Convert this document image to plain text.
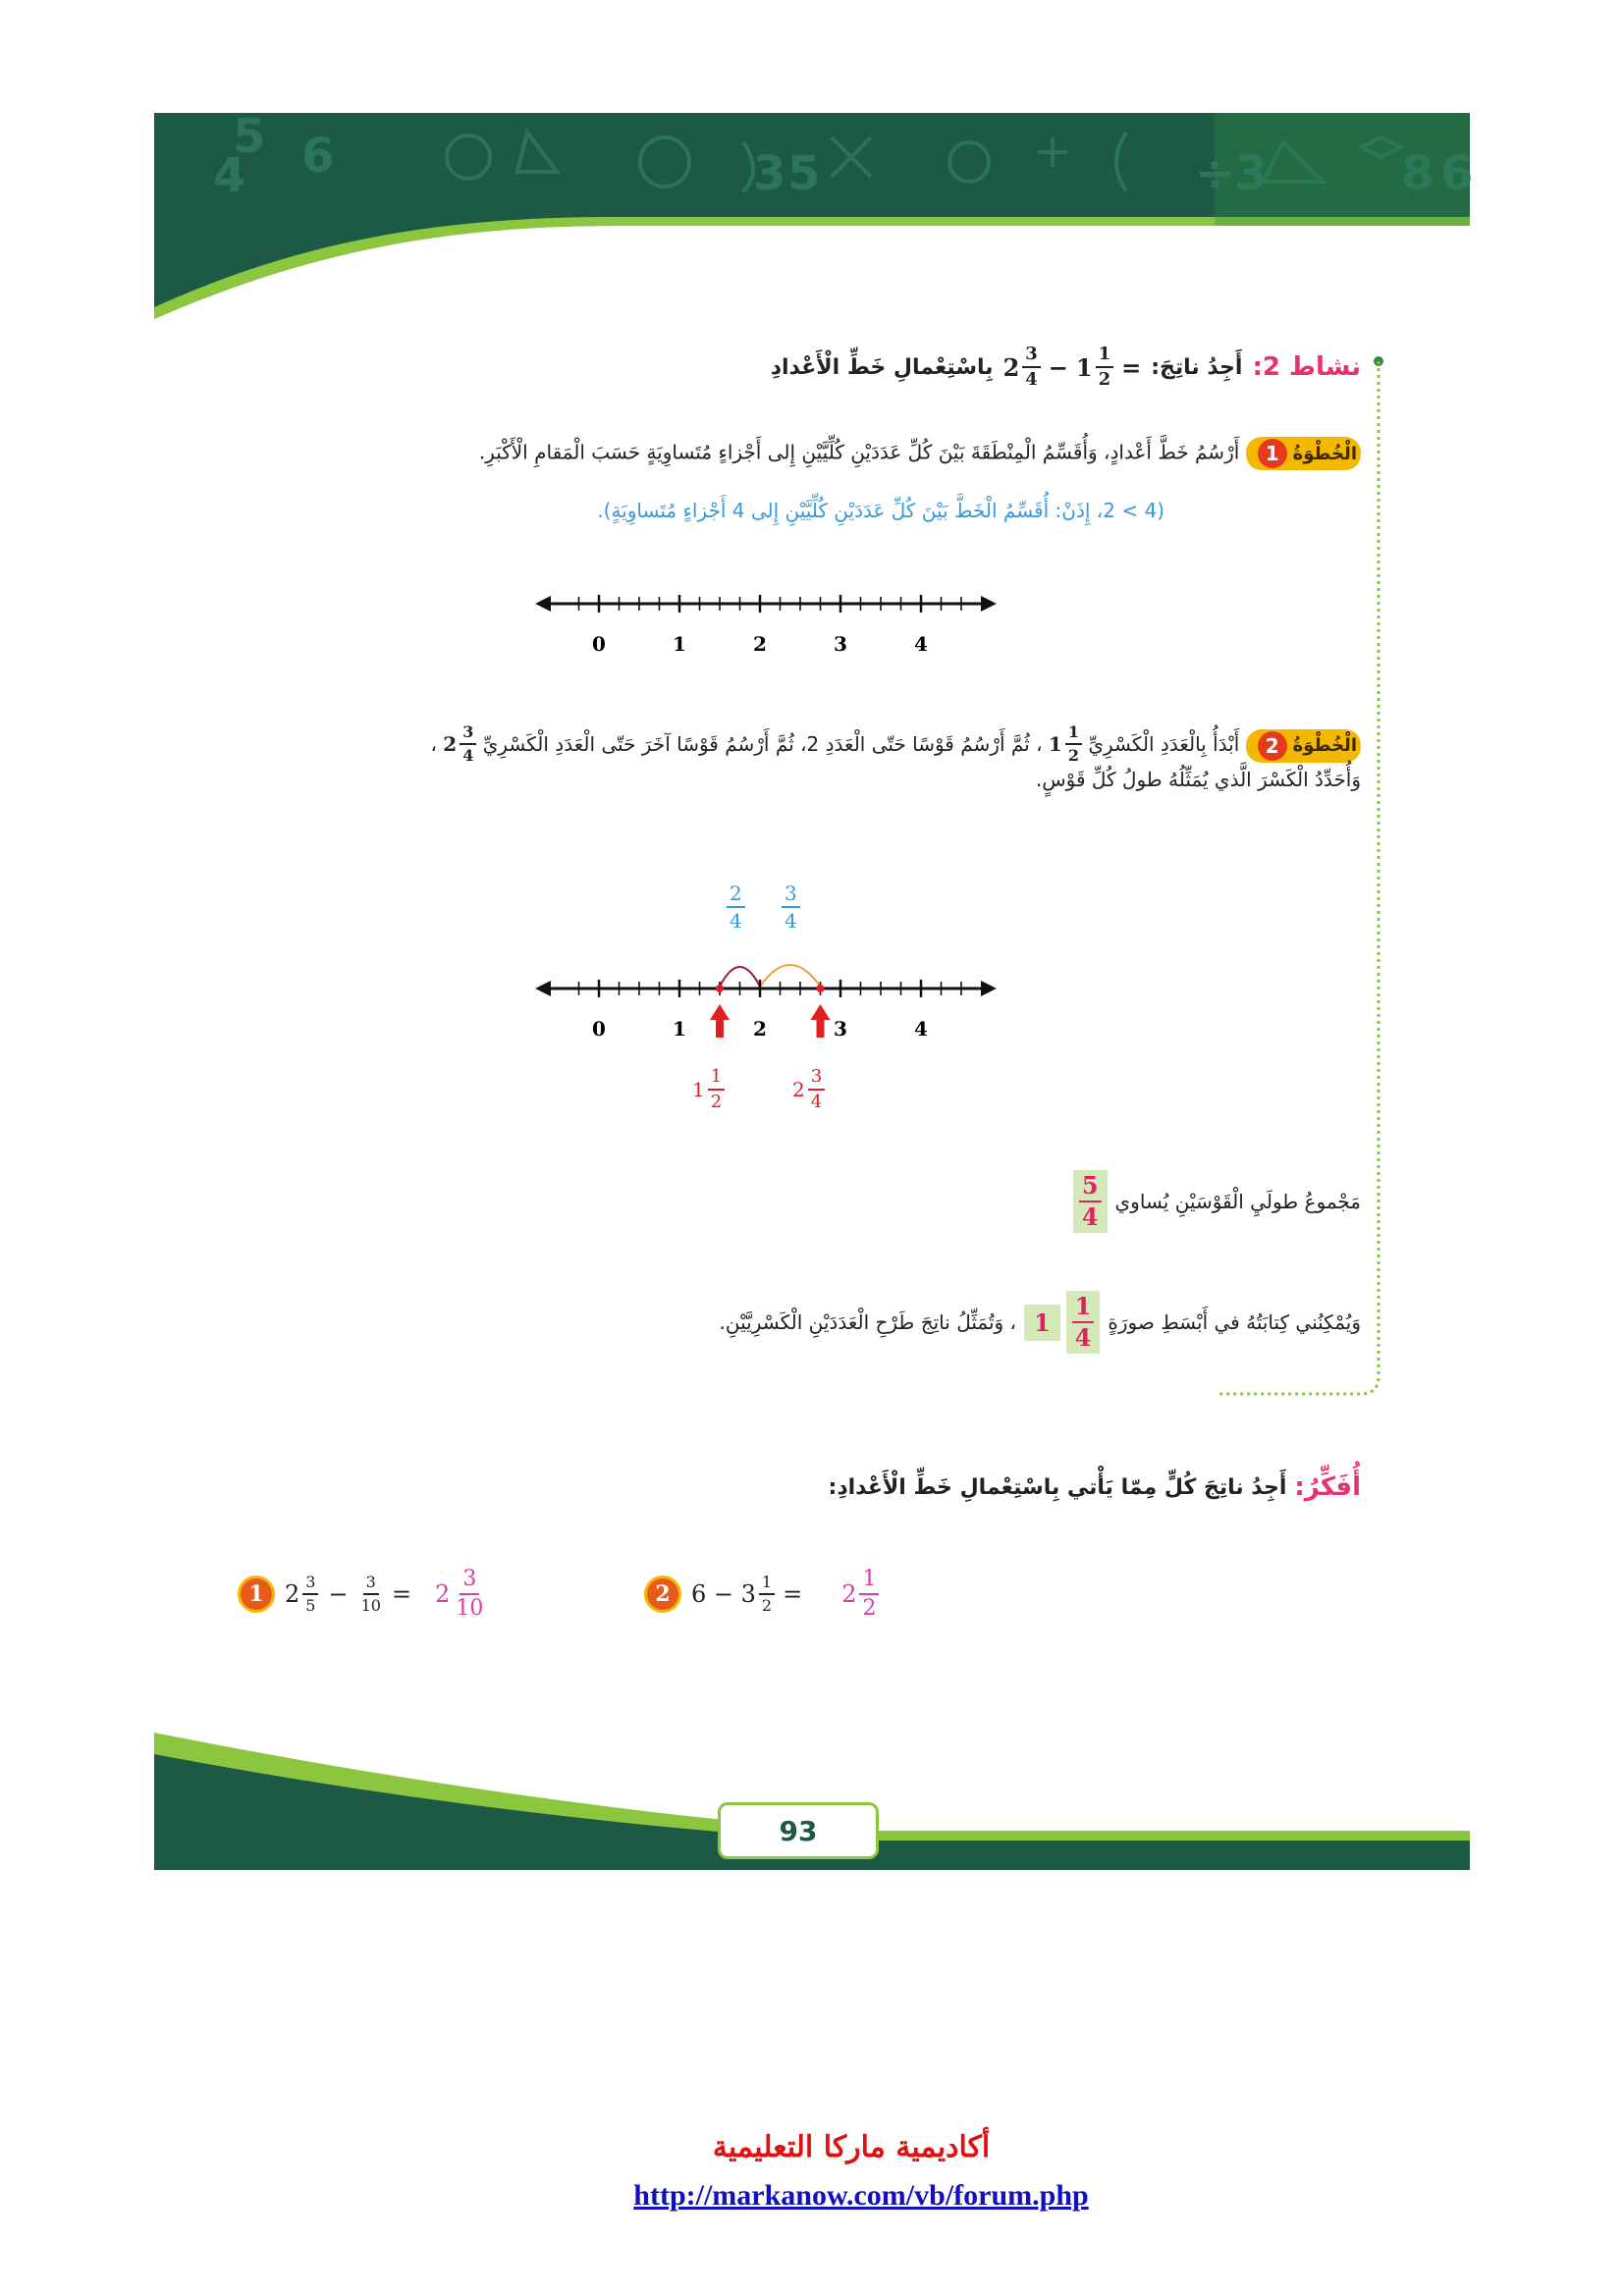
4
5 6	3 5	÷3	8 6
نشاط 2:
أَجِدُ ناتِجَ:
$2 \frac{3}{4} - 1 \frac{1}{2}$ =
بِاسْتِعْمالِ خَطِّ الْأَعْدادِ
الْخُطْوَةُ
1
أَرْسُمُ خَطَّ أَعْدادٍ، وَأُقَسِّمُ الْمِنْطَقَةَ بَيْنَ كُلِّ عَدَدَيْنِ كُلِّيَّيْنِ إِلى أَجْزاءٍ مُتَساوِيَةٍ حَسَبَ الْمَقامِ الْأَكْبَرِ.
(4 > 2، إِذَنْ: أُقَسِّمُ الْخَطَّ بَيْنَ كُلِّ عَدَدَيْنِ كُلِّيَّيْنِ إِلى 4 أَجْزاءٍ مُتَساوِيَةٍ).
0	1	2	3	4
الْخُطْوَةُ
2
أَبْدَأُ بِالْعَدَدِ الْكَسْرِيِّ
$1 \frac{1}{2}$
، ثُمَّ أَرْسُمُ قَوْسًا حَتّى الْعَدَدِ 2، ثُمَّ أَرْسُمُ قَوْسًا آخَرَ حَتّى الْعَدَدِ الْكَسْرِيِّ
$2 \frac{3}{4}$
،
وَأُحَدِّدُ الْكَسْرَ الَّذي يُمَثِّلُهُ طولُ كُلِّ قَوْسٍ.
$\frac{2}{4} \frac{3}{4}$
0	1	2	3	4
$1 \frac{1}{2}$	$2 \frac{3}{4}$
مَجْموعُ طولَيِ الْقَوْسَيْنِ يُساوي
$\frac{5}{4}$
وَيُمْكِنُني كِتابَتُهُ في أَبْسَطِ صورَةٍ
$1 \frac{1}{4}$
، وَتُمَثِّلُ ناتِجَ طَرْحِ الْعَدَدَيْنِ الْكَسْرِيَّيْنِ.
أُفَكِّرُ:
أَجِدُ ناتِجَ كُلٍّ مِمّا يَأْتي بِاسْتِعْمالِ خَطِّ الْأَعْدادِ:
1 $2 \frac{3}{5} - \frac{3}{10} = 2 \frac{3}{10}$	2 $6 - 3 \frac{1}{2} = 2 \frac{1}{2}$
93
أكاديمية ماركا التعليمية
http://markanow.com/vb/forum.php
